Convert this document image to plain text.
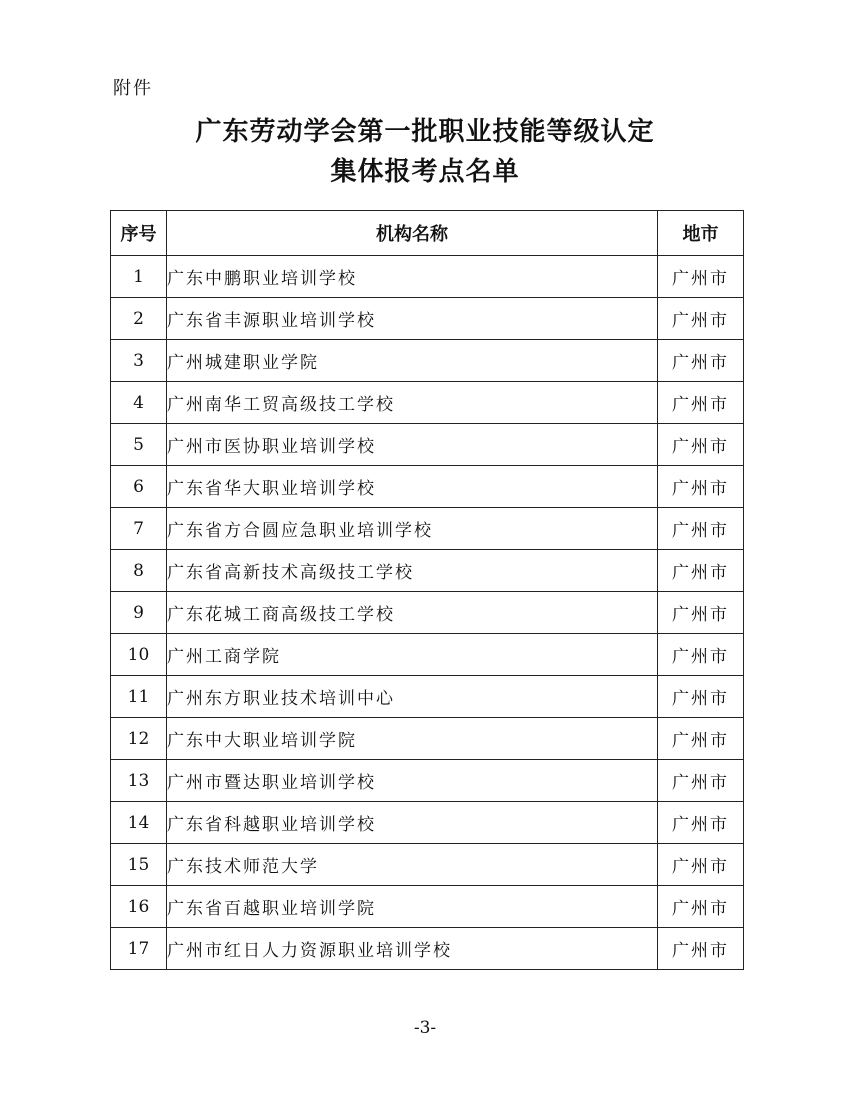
附件
广东劳动学会第一批职业技能等级认定
集体报考点名单
序号	机构名称	地市
1	广东中鹏职业培训学校	广州市
2	广东省丰源职业培训学校	广州市
3	广州城建职业学院	广州市
4	广州南华工贸高级技工学校	广州市
5	广州市医协职业培训学校	广州市
6	广东省华大职业培训学校	广州市
7	广东省方合圆应急职业培训学校	广州市
8	广东省高新技术高级技工学校	广州市
9	广东花城工商高级技工学校	广州市
10	广州工商学院	广州市
11	广州东方职业技术培训中心	广州市
12	广东中大职业培训学院	广州市
13	广州市暨达职业培训学校	广州市
14	广东省科越职业培训学校	广州市
15	广东技术师范大学	广州市
16	广东省百越职业培训学院	广州市
17	广州市红日人力资源职业培训学校	广州市
-3-
